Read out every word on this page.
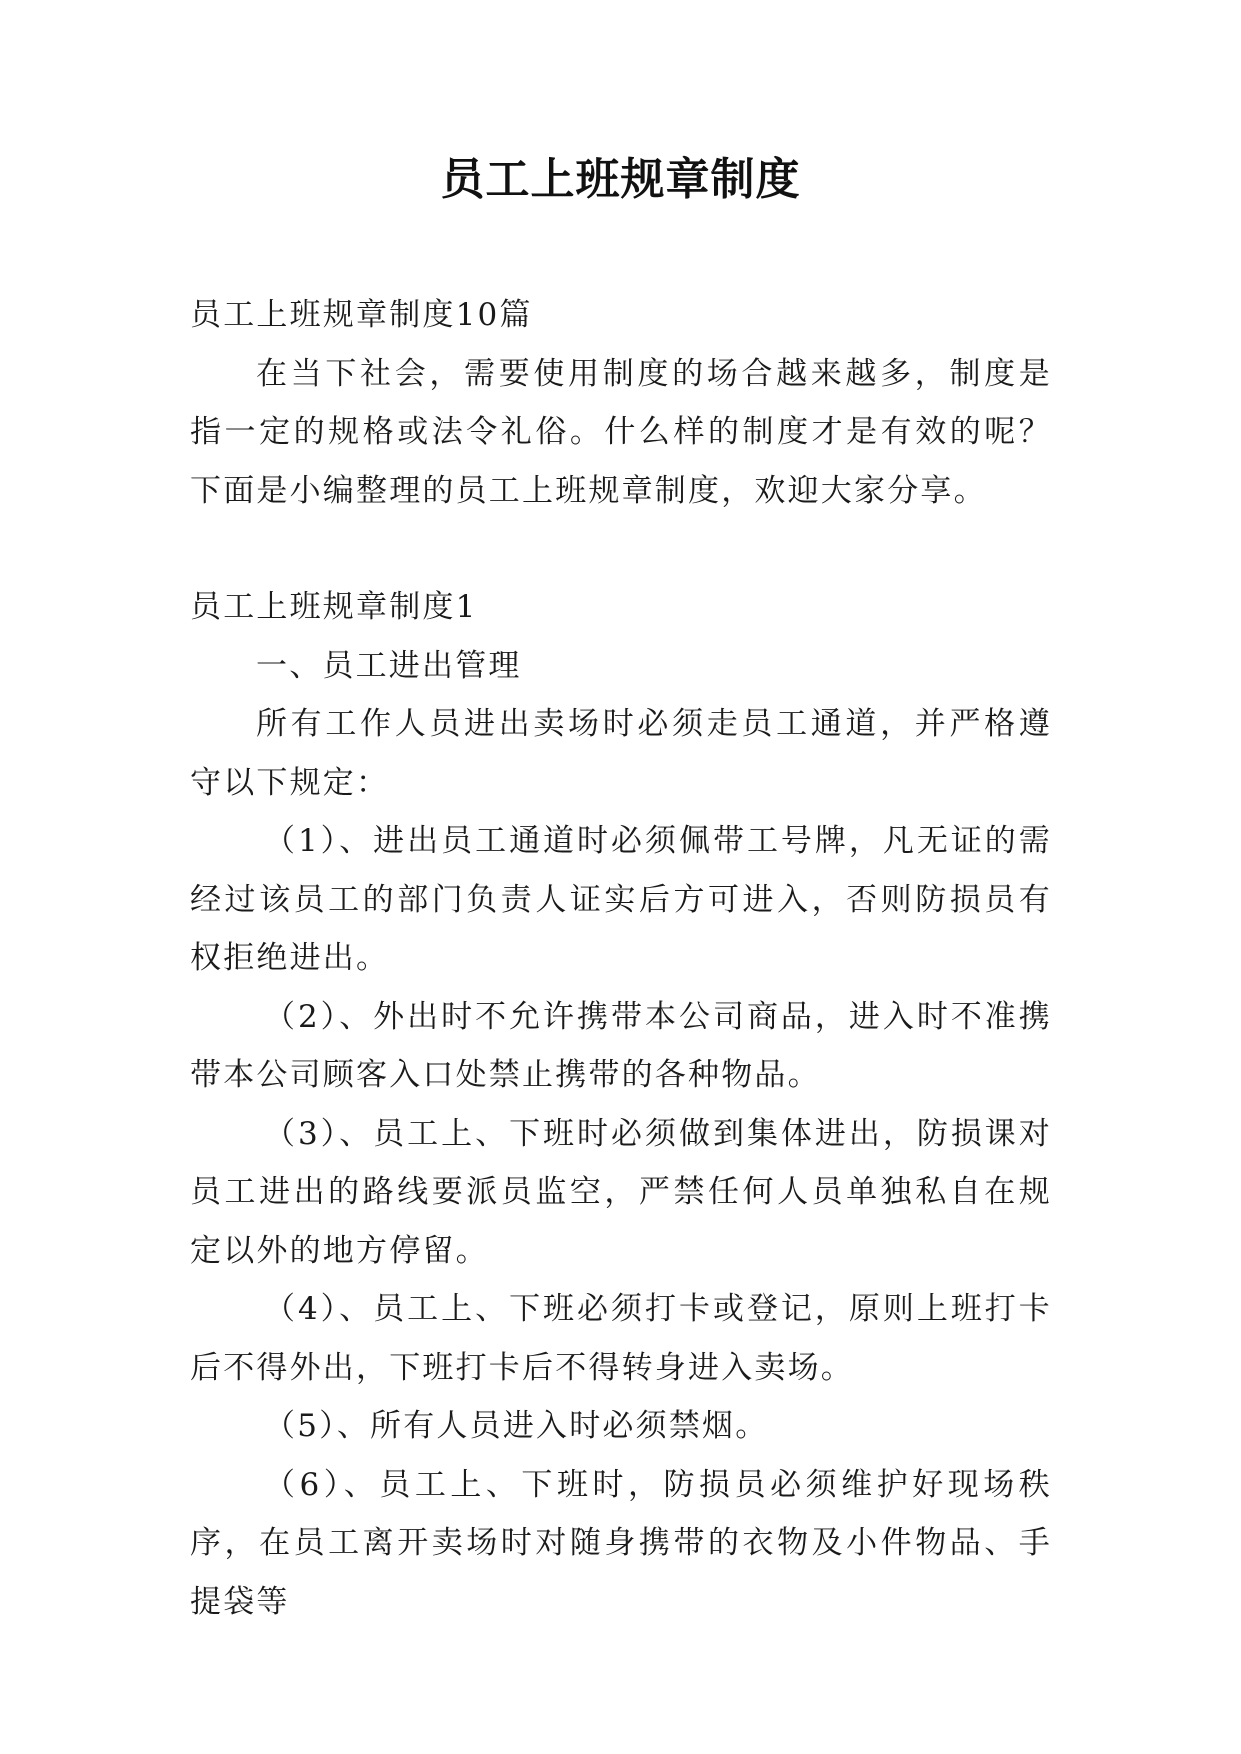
员工上班规章制度

员工上班规章制度10篇

在当下社会，需要使用制度的场合越来越多，制度是指一定的规格或法令礼俗。什么样的制度才是有效的呢？下面是小编整理的员工上班规章制度，欢迎大家分享。

员工上班规章制度1

一、员工进出管理

所有工作人员进出卖场时必须走员工通道，并严格遵守以下规定：

（1）、进出员工通道时必须佩带工号牌，凡无证的需经过该员工的部门负责人证实后方可进入，否则防损员有权拒绝进出。

（2）、外出时不允许携带本公司商品，进入时不准携带本公司顾客入口处禁止携带的各种物品。

（3）、员工上、下班时必须做到集体进出，防损课对员工进出的路线要派员监空，严禁任何人员单独私自在规定以外的地方停留。

（4）、员工上、下班必须打卡或登记，原则上班打卡后不得外出，下班打卡后不得转身进入卖场。

（5）、所有人员进入时必须禁烟。

（6）、员工上、下班时，防损员必须维护好现场秩序，在员工离开卖场时对随身携带的衣物及小件物品、手提袋等
